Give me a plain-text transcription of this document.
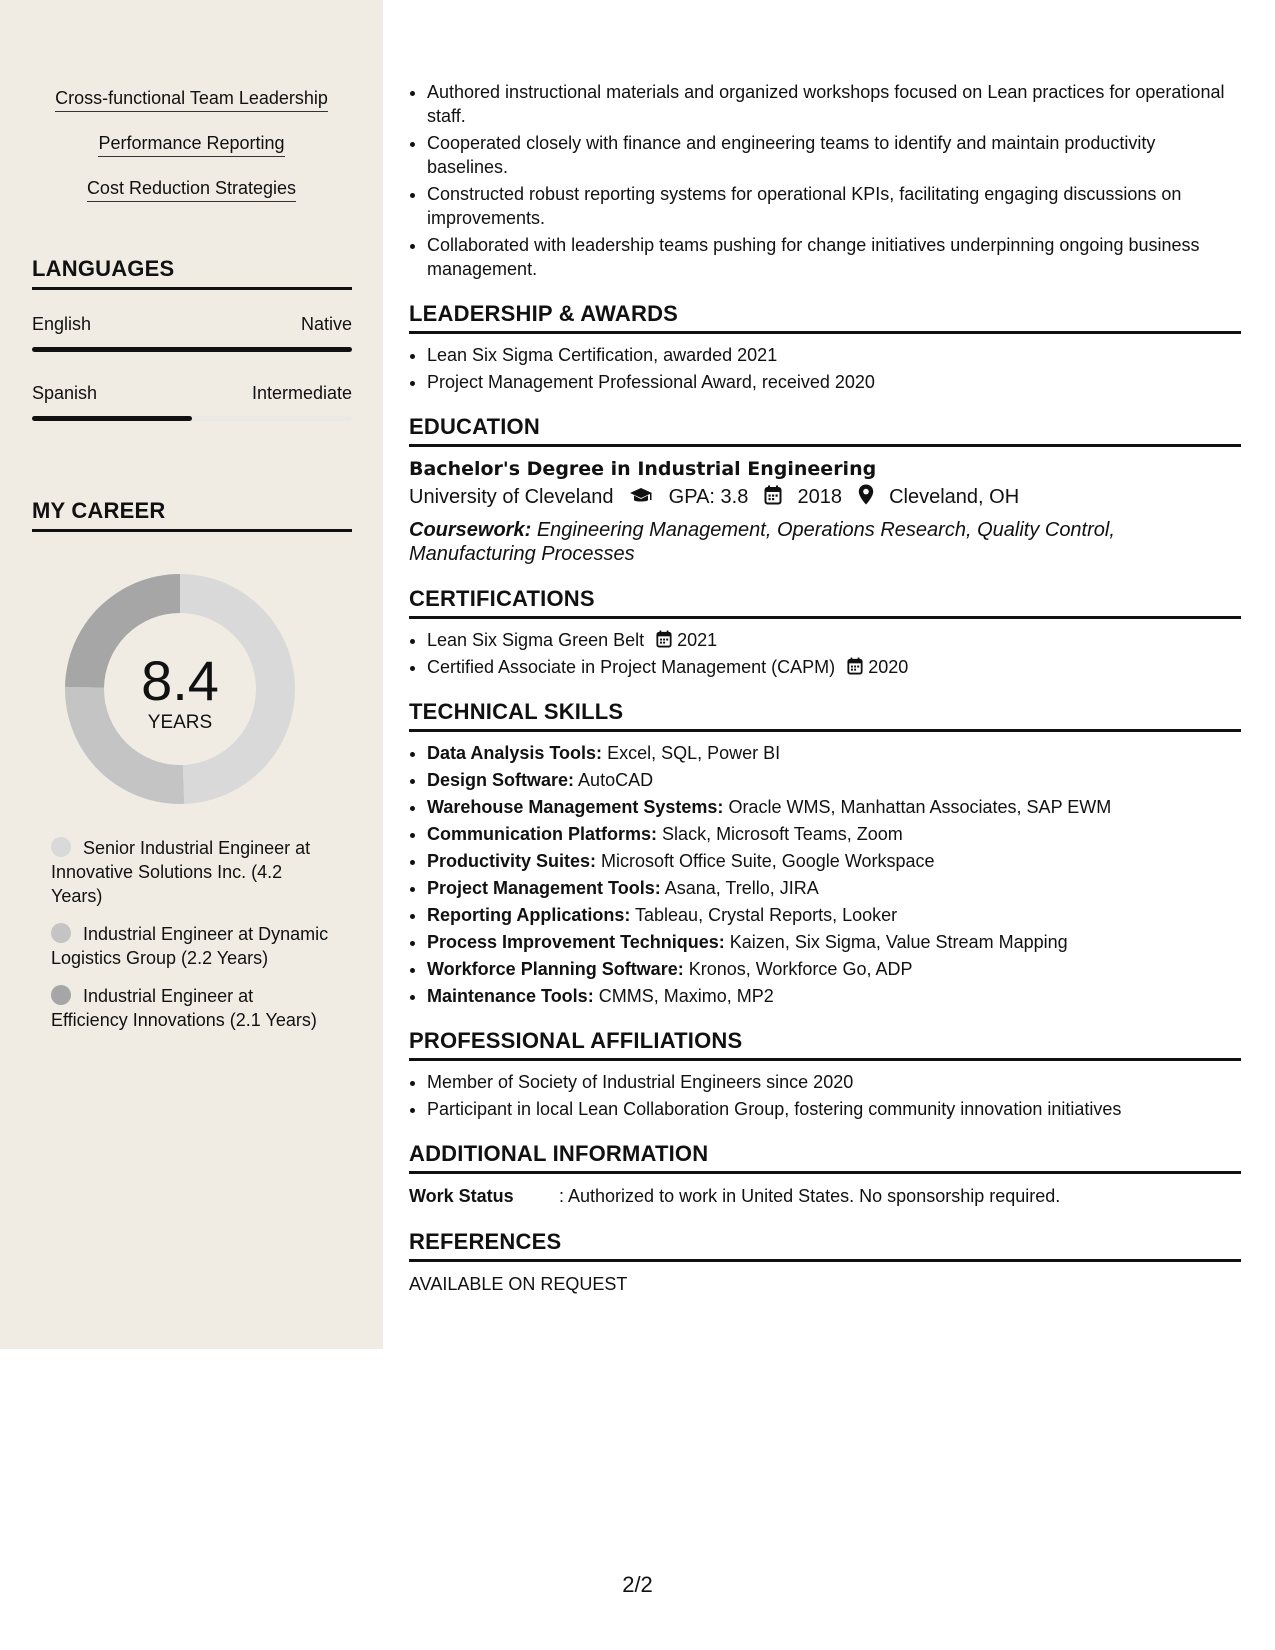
Cross-functional Team Leadership
Performance Reporting
Cost Reduction Strategies
LANGUAGES
English	Native
Spanish	Intermediate
MY CAREER
8.4
YEARS
Senior Industrial Engineer at Innovative Solutions Inc. (4.2 Years)
Industrial Engineer at Dynamic Logistics Group (2.2 Years)
Industrial Engineer at Efficiency Innovations (2.1 Years)
• Authored instructional materials and organized workshops focused on Lean practices for operational staff.
• Cooperated closely with finance and engineering teams to identify and maintain productivity baselines.
• Constructed robust reporting systems for operational KPIs, facilitating engaging discussions on improvements.
• Collaborated with leadership teams pushing for change initiatives underpinning ongoing business management.
LEADERSHIP & AWARDS
• Lean Six Sigma Certification, awarded 2021
• Project Management Professional Award, received 2020
EDUCATION
Bachelor's Degree in Industrial Engineering
University of Cleveland	GPA: 3.8 2018 Cleveland, OH
Coursework: Engineering Management, Operations Research, Quality Control, Manufacturing Processes
CERTIFICATIONS
• Lean Six Sigma Green Belt 2021
• Certified Associate in Project Management (CAPM) 2020
TECHNICAL SKILLS
• Data Analysis Tools: Excel, SQL, Power BI
• Design Software: AutoCAD
• Warehouse Management Systems: Oracle WMS, Manhattan Associates, SAP EWM
• Communication Platforms: Slack, Microsoft Teams, Zoom
• Productivity Suites: Microsoft Office Suite, Google Workspace
• Project Management Tools: Asana, Trello, JIRA
• Reporting Applications: Tableau, Crystal Reports, Looker
• Process Improvement Techniques: Kaizen, Six Sigma, Value Stream Mapping
• Workforce Planning Software: Kronos, Workforce Go, ADP
• Maintenance Tools: CMMS, Maximo, MP2
PROFESSIONAL AFFILIATIONS
• Member of Society of Industrial Engineers since 2020
• Participant in local Lean Collaboration Group, fostering community innovation initiatives
ADDITIONAL INFORMATION
Work Status	: Authorized to work in United States. No sponsorship required.
REFERENCES
AVAILABLE ON REQUEST
2/2
